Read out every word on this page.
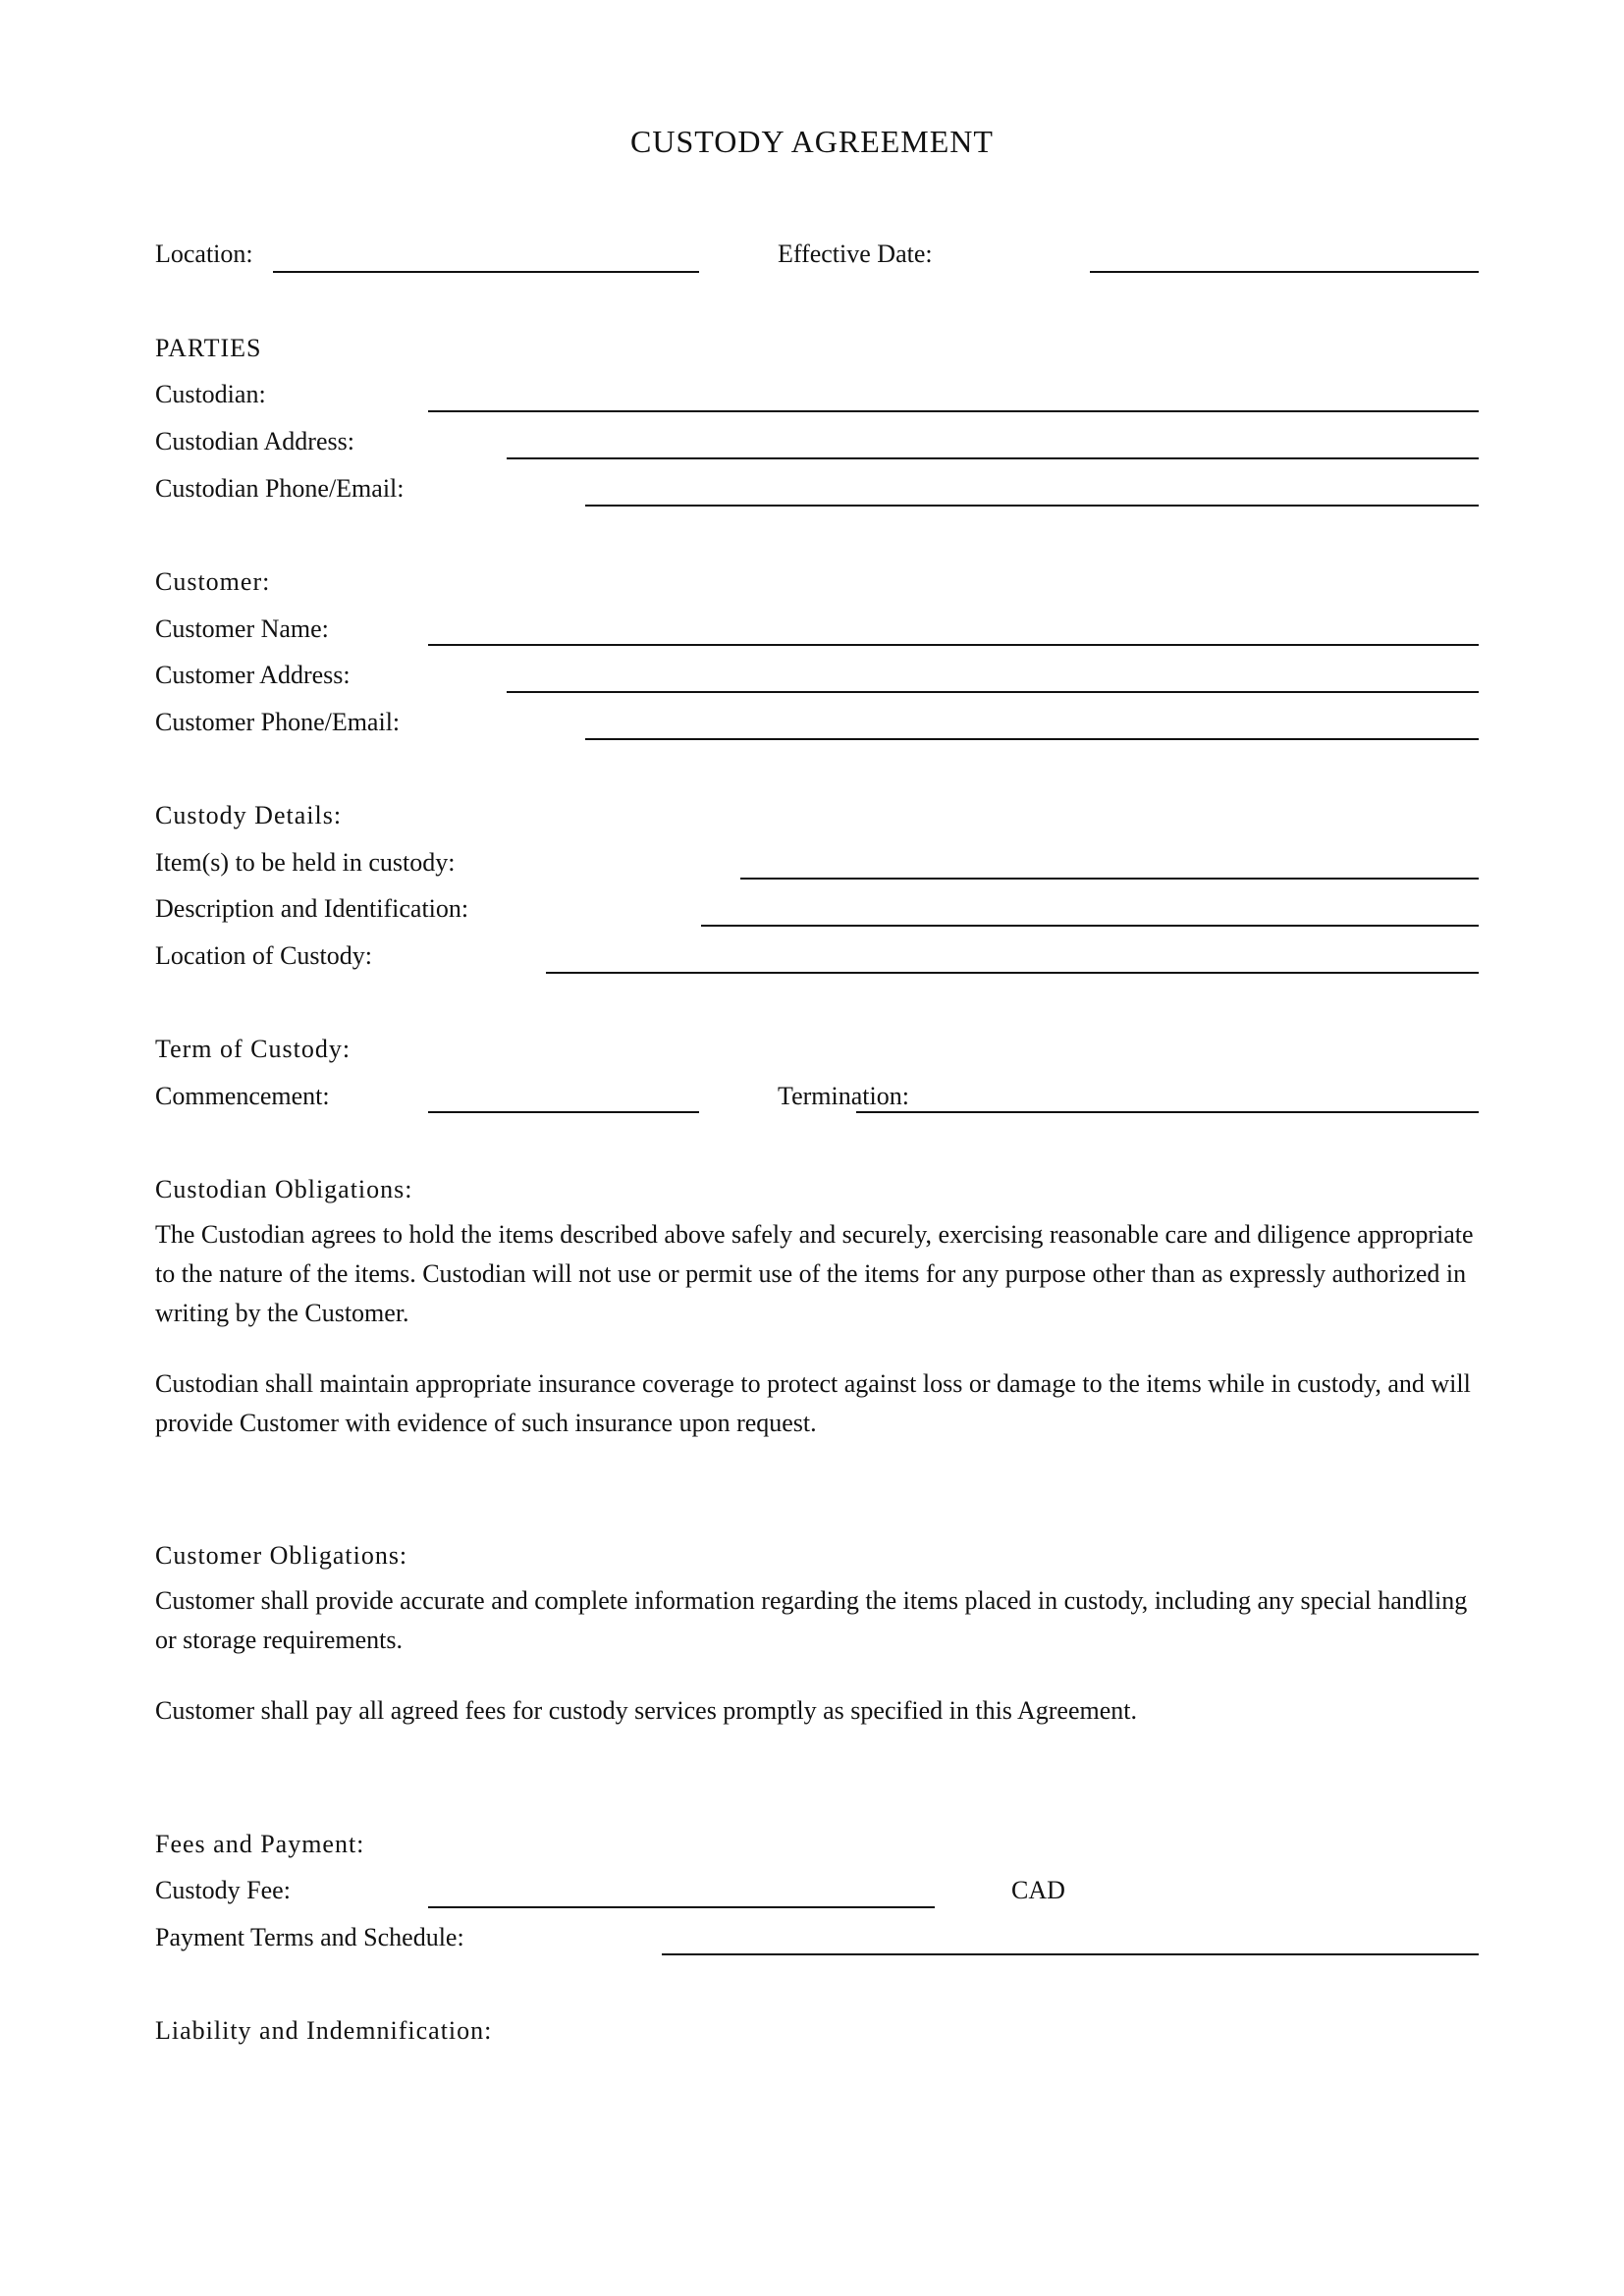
CUSTODY AGREEMENT
Location:	Effective Date:
PARTIES
Custodian:
Custodian Address:
Custodian Phone/Email:
Customer:
Customer Name:
Customer Address:
Customer Phone/Email:
Custody Details:
Item(s) to be held in custody:
Description and Identification:
Location of Custody:
Term of Custody:
Commencement:	Termination:
Custodian Obligations:
The Custodian agrees to hold the items described above safely and securely, exercising reasonable care and diligence appropriate to the nature of the items. Custodian will not use or permit use of the items for any purpose other than as expressly authorized in writing by the Customer.
Custodian shall maintain appropriate insurance coverage to protect against loss or damage to the items while in custody, and will provide Customer with evidence of such insurance upon request.
Customer Obligations:
Customer shall provide accurate and complete information regarding the items placed in custody, including any special handling or storage requirements.
Customer shall pay all agreed fees for custody services promptly as specified in this Agreement.
Fees and Payment:
Custody Fee:	CAD
Payment Terms and Schedule:
Liability and Indemnification:
